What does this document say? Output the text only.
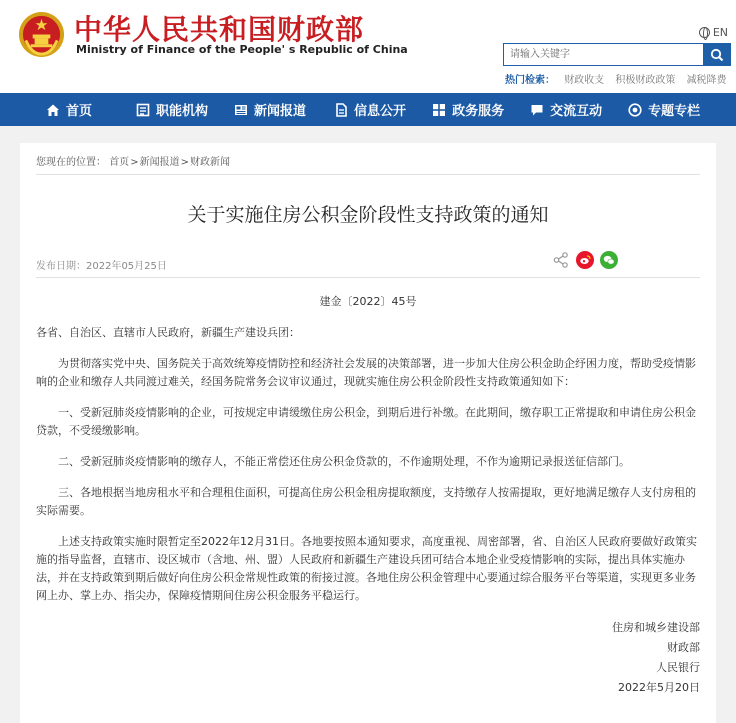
中华人民共和国财政部
Ministry of Finance of the People' s Republic of China
EN
请输入关键字
热门检索： 财政收支 积极财政政策 减税降费
首页	职能机构	新闻报道	信息公开	政务服务	交流互动	专题专栏
您现在的位置： 首页>新闻报道>财政新闻
关于实施住房公积金阶段性支持政策的通知
发布日期：2022年05月25日

建金〔2022〕45号

各省、自治区、直辖市人民政府，新疆生产建设兵团：

为贯彻落实党中央、国务院关于高效统筹疫情防控和经济社会发展的决策部署，进一步加大住房公积金助企纾困力度，帮助受疫情影响的企业和缴存人共同渡过难关，经国务院常务会议审议通过，现就实施住房公积金阶段性支持政策通知如下：

一、受新冠肺炎疫情影响的企业，可按规定申请缓缴住房公积金，到期后进行补缴。在此期间，缴存职工正常提取和申请住房公积金贷款，不受缓缴影响。

二、受新冠肺炎疫情影响的缴存人，不能正常偿还住房公积金贷款的，不作逾期处理，不作为逾期记录报送征信部门。

三、各地根据当地房租水平和合理租住面积，可提高住房公积金租房提取额度，支持缴存人按需提取，更好地满足缴存人支付房租的实际需要。

上述支持政策实施时限暂定至2022年12月31日。各地要按照本通知要求，高度重视、周密部署，省、自治区人民政府要做好政策实施的指导监督，直辖市、设区城市（含地、州、盟）人民政府和新疆生产建设兵团可结合本地企业受疫情影响的实际，提出具体实施办法，并在支持政策到期后做好向住房公积金常规性政策的衔接过渡。各地住房公积金管理中心要通过综合服务平台等渠道，实现更多业务网上办、掌上办、指尖办，保障疫情期间住房公积金服务平稳运行。

住房和城乡建设部
财政部
人民银行
2022年5月20日
